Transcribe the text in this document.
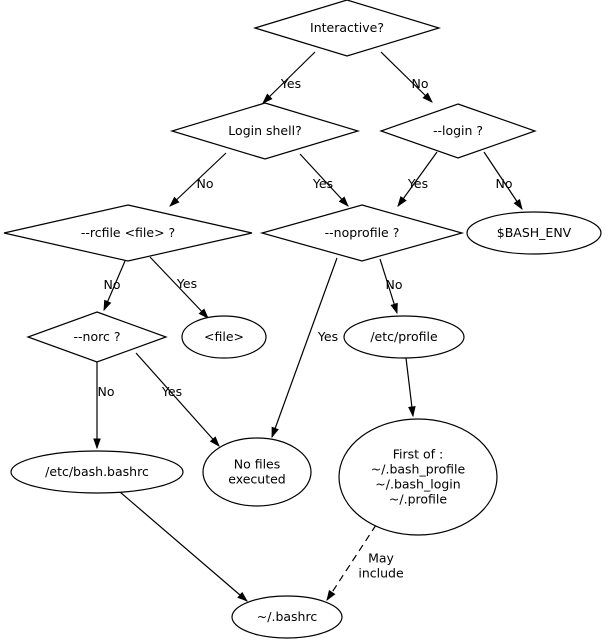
Interactive?
Login shell?	--login ?
--rcfile <file> ?	--noprofile ?	$BASH_ENV
--norc ?	<file>	/etc/profile
/etc/bash.bashrc	No files executed
First of : ~/.bash_profile ~/.bash_login ~/.profile
~/.bashrc
Yes	No
No	Yes	Yes	No
No	Yes
Yes
No
No	Yes
May include
